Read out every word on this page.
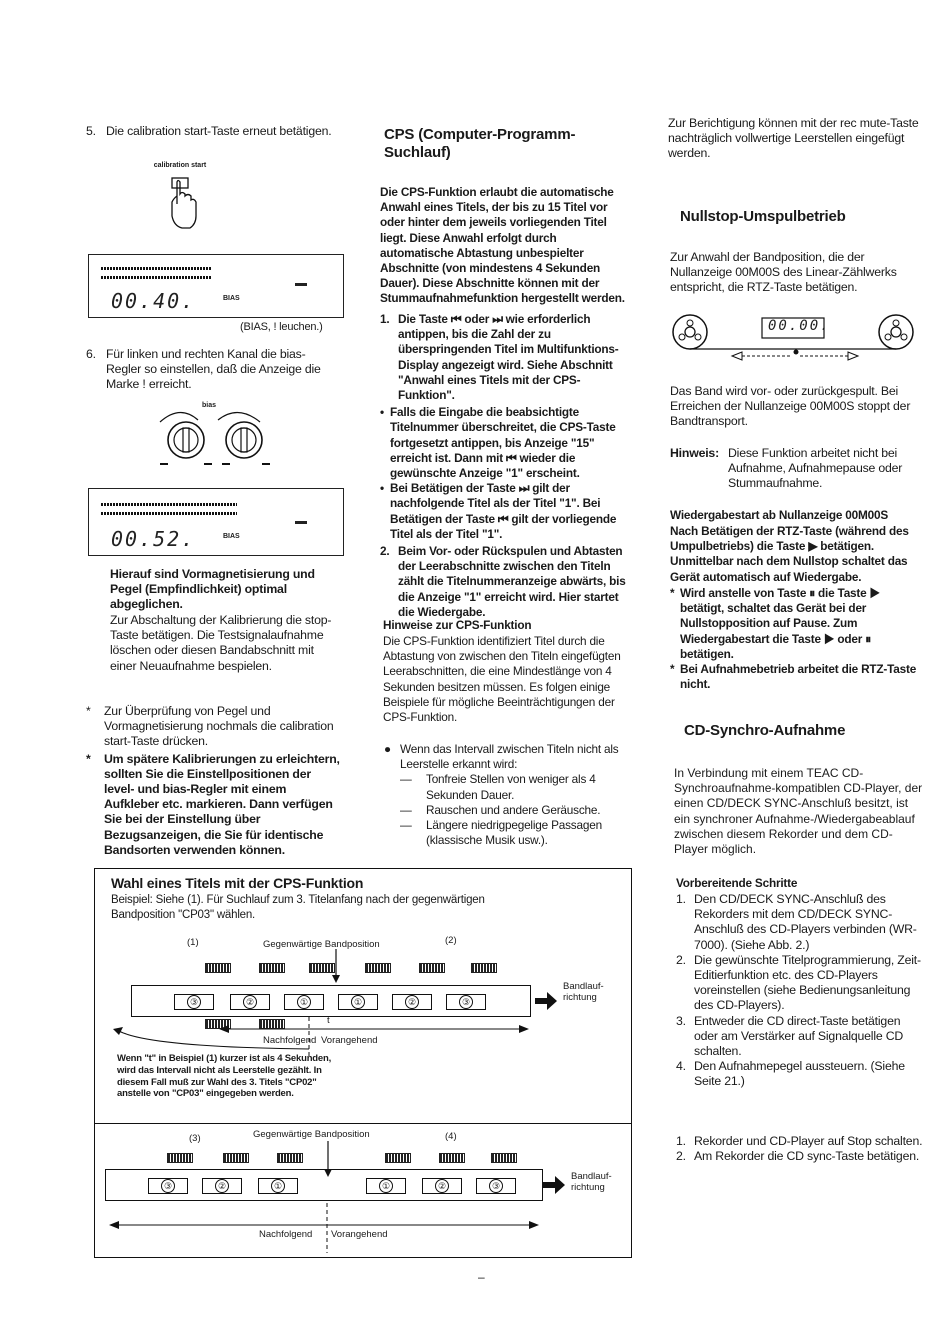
5. Die calibration start-Taste erneut betätigen.
calibration start
00.40.	BIAS
(BIAS, ! leuchen.)
6. Für linken und rechten Kanal die bias-Regler so einstellen, daß die Anzeige die Marke ! erreicht.
bias
00.52.	BIAS
Hierauf sind Vormagnetisierung und Pegel (Empfindlichkeit) optimal abgeglichen.
Zur Abschaltung der Kalibrierung die stop-Taste betätigen. Die Testsignalaufnahme löschen oder diesen Bandabschnitt mit einer Neuaufnahme bespielen.
*	Zur Überprüfung von Pegel und Vormagnetisierung nochmals die calibration start-Taste drücken.
*	Um spätere Kalibrierungen zu erleichtern, sollten Sie die Einstellpositionen der level- und bias-Regler mit einem Aufkleber etc. markieren. Dann verfügen Sie bei der Einstellung über Bezugsanzeigen, die Sie für identische Bandsorten verwenden können.
CPS (Computer-Programm-Suchlauf)
Die CPS-Funktion erlaubt die automatische Anwahl eines Titels, der bis zu 15 Titel vor oder hinter dem jeweils vorliegenden Titel liegt. Diese Anwahl erfolgt durch automatische Abtastung unbespielter Abschnitte (von mindestens 4 Sekunden Dauer). Diese Abschnitte können mit der Stummaufnahmefunktion hergestellt werden.
1. Die Taste ⏮ oder ⏭ wie erforderlich antippen, bis die Zahl der zu überspringenden Titel im Multifunktions-Display angezeigt wird. Siehe Abschnitt "Anwahl eines Titels mit der CPS-Funktion".
• Falls die Eingabe die beabsichtigte Titelnummer überschreitet, die CPS-Taste fortgesetzt antippen, bis Anzeige "15" erreicht ist. Dann mit ⏮ wieder die gewünschte Anzeige "1" erscheint.
• Bei Betätigen der Taste ⏭ gilt der nachfolgende Titel als der Titel "1". Bei Betätigen der Taste ⏮ gilt der vorliegende Titel als der Titel "1".
2. Beim Vor- oder Rückspulen und Abtasten der Leerabschnitte zwischen den Titeln zählt die Titelnummeranzeige abwärts, bis die Anzeige "1" erreicht wird. Hier startet die Wiedergabe.
Hinweise zur CPS-Funktion
Die CPS-Funktion identifiziert Titel durch die Abtastung von zwischen den Titeln eingefügten Leerabschnitten, die eine Mindestlänge von 4 Sekunden besitzen müssen. Es folgen einige Beispiele für mögliche Beeinträchtigungen der CPS-Funktion.
● Wenn das Intervall zwischen Titeln nicht als Leerstelle erkannt wird:
—	Tonfreie Stellen von weniger als 4 Sekunden Dauer.
—	Rauschen und andere Geräusche.
—	Längere niedrigpegelige Passagen (klassische Musik usw.).
Zur Berichtigung können mit der rec mute-Taste nachträglich vollwertige Leerstellen eingefügt werden.
Nullstop-Umspulbetrieb
Zur Anwahl der Bandposition, die der Nullanzeige 00M00S des Linear-Zählwerks entspricht, die RTZ-Taste betätigen.
00.00.
Das Band wird vor- oder zurückgespult. Bei Erreichen der Nullanzeige 00M00S stoppt der Bandtransport.
Hinweis: Diese Funktion arbeitet nicht bei Aufnahme, Aufnahmepause oder Stummaufnahme.
Wiedergabestart ab Nullanzeige 00M00S
Nach Betätigen der RTZ-Taste (während des Umpulbetriebs) die Taste ▶ betätigen. Unmittelbar nach dem Nullstop schaltet das Gerät automatisch auf Wiedergabe.
* Wird anstelle von Taste ⏸ die Taste ▶ betätigt, schaltet das Gerät bei der Nullstopposition auf Pause. Zum Wiedergabestart die Taste ▶ oder ⏸ betätigen.
* Bei Aufnahmebetrieb arbeitet die RTZ-Taste nicht.
CD-Synchro-Aufnahme
In Verbindung mit einem TEAC CD-Synchroaufnahme-kompatiblen CD-Player, der einen CD/DECK SYNC-Anschluß besitzt, ist ein synchroner Aufnahme-/Wiedergabeablauf zwischen diesem Rekorder und dem CD-Player möglich.
Vorbereitende Schritte
1. Den CD/DECK SYNC-Anschluß des Rekorders mit dem CD/DECK SYNC-Anschluß des CD-Players verbinden (WR-7000). (Siehe Abb. 2.)
2. Die gewünschte Titelprogrammierung, Zeit-Editierfunktion etc. des CD-Players voreinstellen (siehe Bedienungsanleitung des CD-Players).
3. Entweder die CD direct-Taste betätigen oder am Verstärker auf Signalquelle CD schalten.
4. Den Aufnahmepegel aussteuern. (Siehe Seite 21.)
1. Rekorder und CD-Player auf Stop schalten.
2. Am Rekorder die CD sync-Taste betätigen.
Wahl eines Titels mit der CPS-Funktion
Beispiel: Siehe (1). Für Suchlauf zum 3. Titelanfang nach der gegenwärtigen Bandposition "CP03" wählen.
(1)	Gegenwärtige Bandposition	(2)
③	②	①	①	②	③
Bandlauf-richtung
t
Nachfolgend Vorangehend
Wenn "t" in Beispiel (1) kurzer ist als 4 Sekunden, wird das Intervall nicht als Leerstelle gezählt. In diesem Fall muß zur Wahl des 3. Titels "CP02" anstelle von "CP03" eingegeben werden.
(3)	Gegenwärtige Bandposition	(4)
③	②	①	①	②	③
Bandlauf-richtung
Nachfolgend Vorangehend
–
